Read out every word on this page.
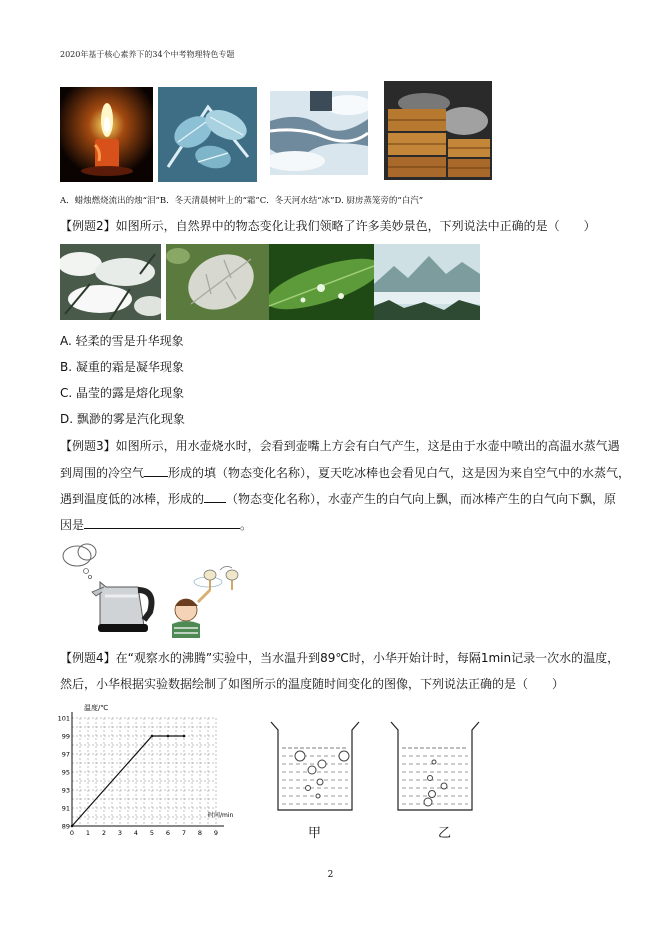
2020年基于核心素养下的34个中考物理特色专题
A．蜡烛燃烧流出的烛“泪”B．冬天清晨树叶上的“霜”C．冬天河水结“冰”D. 厨房蒸笼旁的“白汽”
【例题2】如图所示，自然界中的物态变化让我们领略了许多美妙景色，下列说法中正确的是（　　）
A. 轻柔的雪是升华现象
B. 凝重的霜是凝华现象
C. 晶莹的露是熔化现象
D. 飘渺的雾是汽化现象
【例题3】如图所示，用水壶烧水时，会看到壶嘴上方会有白气产生，这是由于水壶中喷出的高温水蒸气遇
到周围的冷空气 形成的填（物态变化名称），夏天吃冰棒也会看见白气，这是因为来自空气中的水蒸气，
遇到温度低的冰棒，形成的 （物态变化名称），水壶产生的白气向上飘，而冰棒产生的白气向下飘，原
因是	。
【例题4】在“观察水的沸腾”实验中，当水温升到89℃时，小华开始计时，每隔1min记录一次水的温度，
然后，小华根据实验数据绘制了如图所示的温度随时间变化的图像，下列说法正确的是（　　）
89
91
93
95
97
99
101
0 1 2 3 4 5 6 7 8 9
温度/℃
时间/min
甲	乙
2
